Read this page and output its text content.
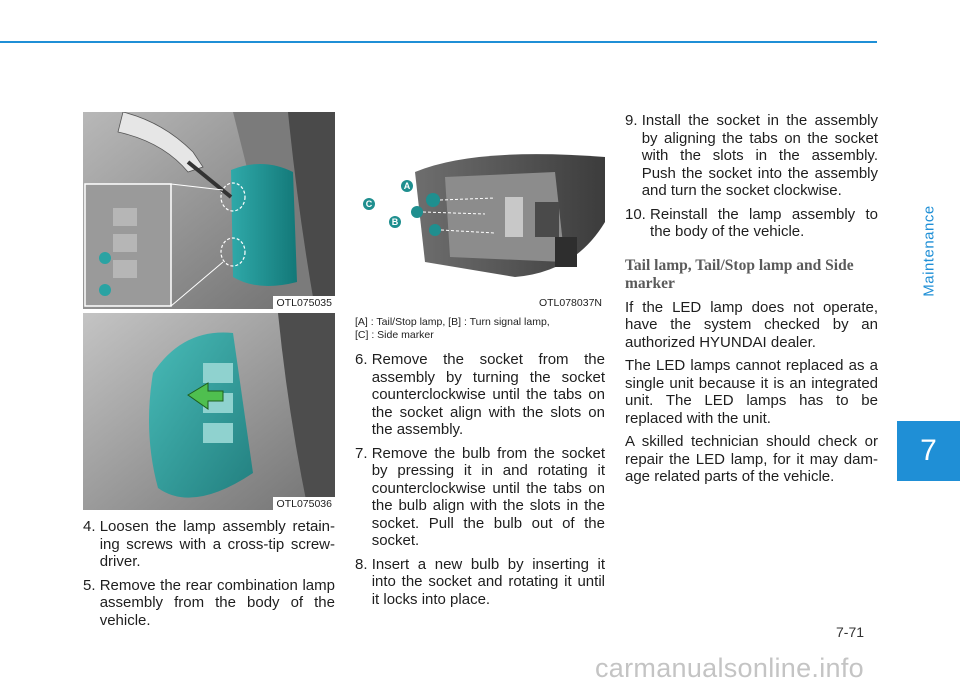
Maintenance
7
OTL075035
OTL075036
A
B
C
OTL078037N
4. Loosen the lamp assembly retain-ing screws with a cross-tip screw-driver.
5. Remove the rear combination lamp assembly from the body of the vehicle.
[A] : Tail/Stop lamp, [B] : Turn signal lamp,
[C] : Side marker
6. Remove the socket from the assembly by turning the socket counterclockwise until the tabs on the socket align with the slots on the assembly.
7. Remove the bulb from the socket by pressing it in and rotating it counterclockwise until the tabs on the bulb align with the slots in the socket. Pull the bulb out of the socket.
8. Insert a new bulb by inserting it into the socket and rotating it until it locks into place.
9. Install the socket in the assembly by aligning the tabs on the socket with the slots in the assembly. Push the socket into the assembly and turn the socket clockwise.
10. Reinstall the lamp assembly to the body of the vehicle.
Tail lamp, Tail/Stop lamp and Side marker
If the LED lamp does not operate, have the system checked by an authorized HYUNDAI dealer.
The LED lamps cannot replaced as a single unit because it is an integrated unit. The LED lamps has to be replaced with the unit.
A skilled technician should check or repair the LED lamp, for it may dam-age related parts of the vehicle.
7-71
carmanualsonline.info
